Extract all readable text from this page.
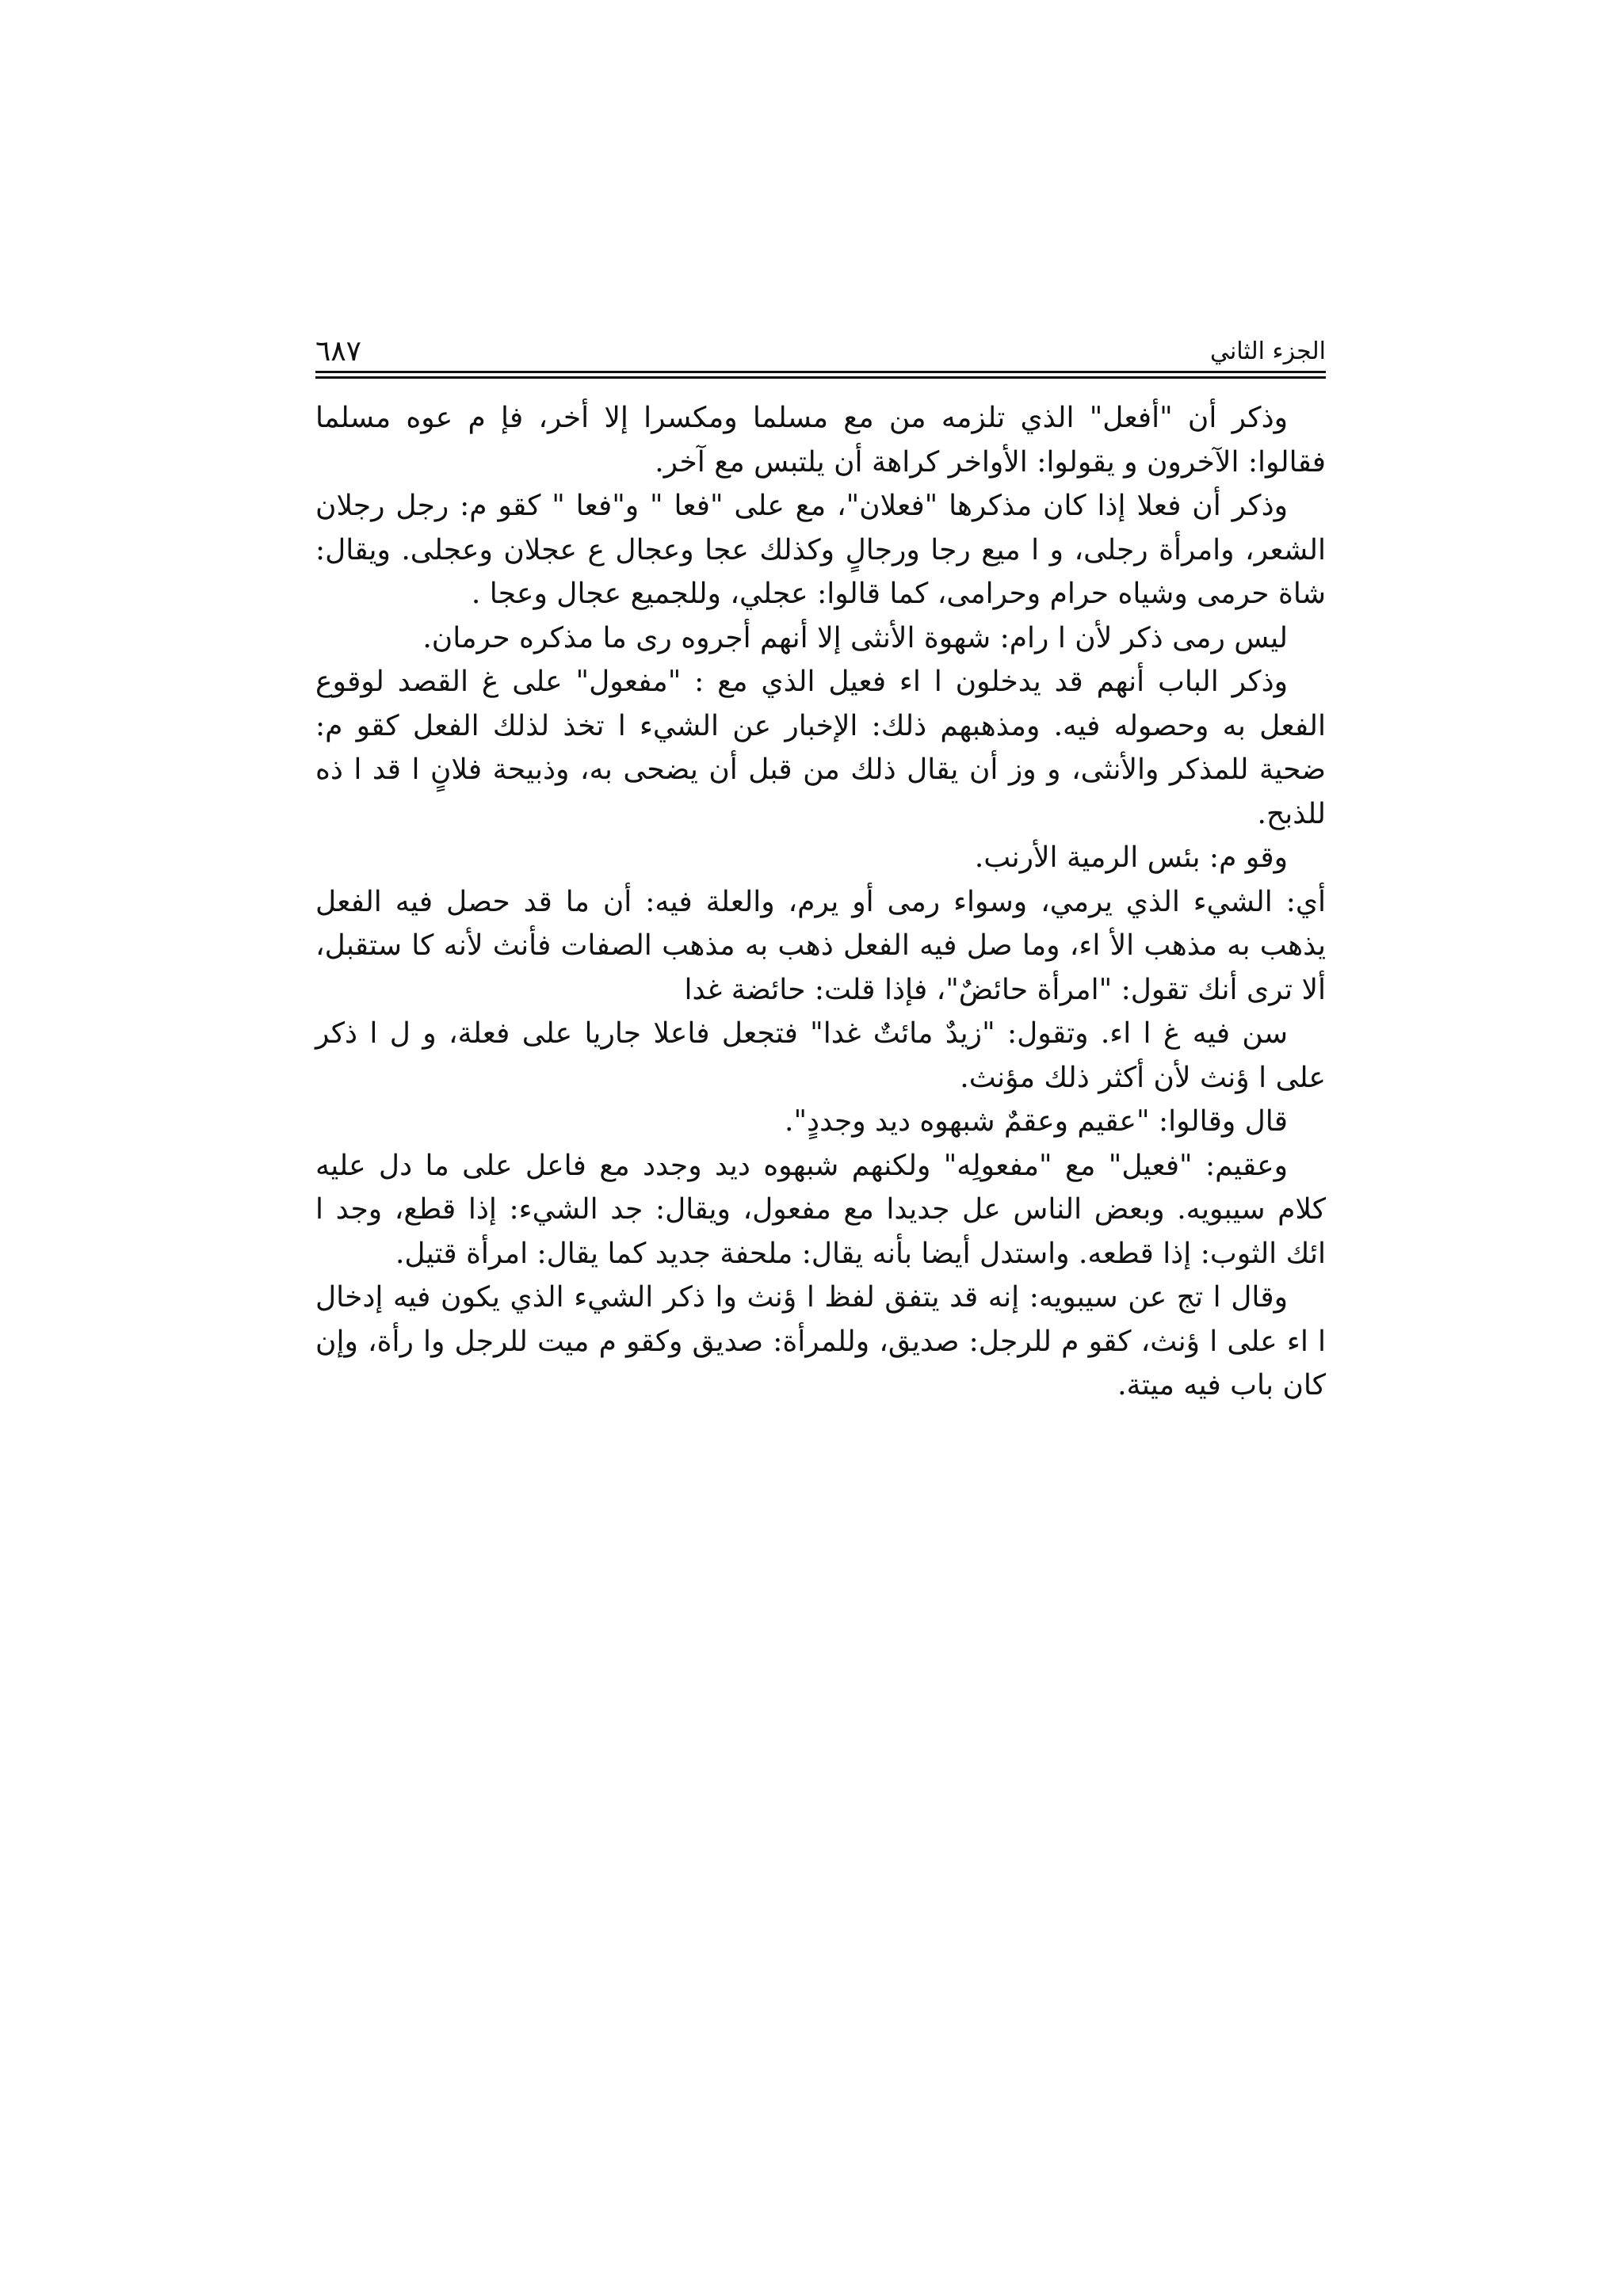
الجزء الثاني
٦٨٧

وذكر أن "أفعل" الذي تلزمه من مع مسلما ومكسرا إلا أخر، فإ م عوه مسلما فقالوا: الآخرون و يقولوا: الأواخر كراهة أن يلتبس مع آخر.

وذكر أن فعلا إذا كان مذكرها "فعلان"، مع على "فعا " و"فعا " كقو م: رجل رجلان الشعر، وامرأة رجلى، و ا ميع رجا ورجالٍ وكذلك عجا وعجال ع عجلان وعجلى. ويقال: شاة حرمى وشياه حرام وحرامى، كما قالوا: عجلي، وللجميع عجال وعجا .

ليس رمى ذكر لأن ا رام: شهوة الأنثى إلا أنهم أجروه رى ما مذكره حرمان.

وذكر الباب أنهم قد يدخلون ا اء فعيل الذي مع : "مفعول" على غ القصد لوقوع الفعل به وحصوله فيه. ومذهبهم ذلك: الإخبار عن الشيء ا تخذ لذلك الفعل كقو م: ضحية للمذكر والأنثى، و وز أن يقال ذلك من قبل أن يضحى به، وذبيحة فلانٍ ا قد ا ذه للذبح.

وقو م: بئس الرمية الأرنب.

أي: الشيء الذي يرمي، وسواء رمى أو يرم، والعلة فيه: أن ما قد حصل فيه الفعل يذهب به مذهب الأ اء، وما صل فيه الفعل ذهب به مذهب الصفات فأنث لأنه كا ستقبل، ألا ترى أنك تقول: "امرأة حائضٌ"، فإذا قلت: حائضة غدا

سن فيه غ ا اء. وتقول: "زيدٌ مائتٌ غدا" فتجعل فاعلا جاريا على فعلة، و ل ا ذكر على ا ؤنث لأن أكثر ذلك مؤنث.

قال وقالوا: "عقيم وعقمٌ شبهوه ديد وجددٍ".

وعقيم: "فعيل" مع "مفعولِه" ولكنهم شبهوه ديد وجدد مع فاعل على ما دل عليه كلام سيبويه. وبعض الناس عل جديدا مع مفعول، ويقال: جد الشيء: إذا قطع، وجد ا ائك الثوب: إذا قطعه. واستدل أيضا بأنه يقال: ملحفة جديد كما يقال: امرأة قتيل.

وقال ا تج عن سيبويه: إنه قد يتفق لفظ ا ؤنث وا ذكر الشيء الذي يكون فيه إدخال ا اء على ا ؤنث، كقو م للرجل: صديق، وللمرأة: صديق وكقو م ميت للرجل وا رأة، وإن كان باب فيه ميتة.
